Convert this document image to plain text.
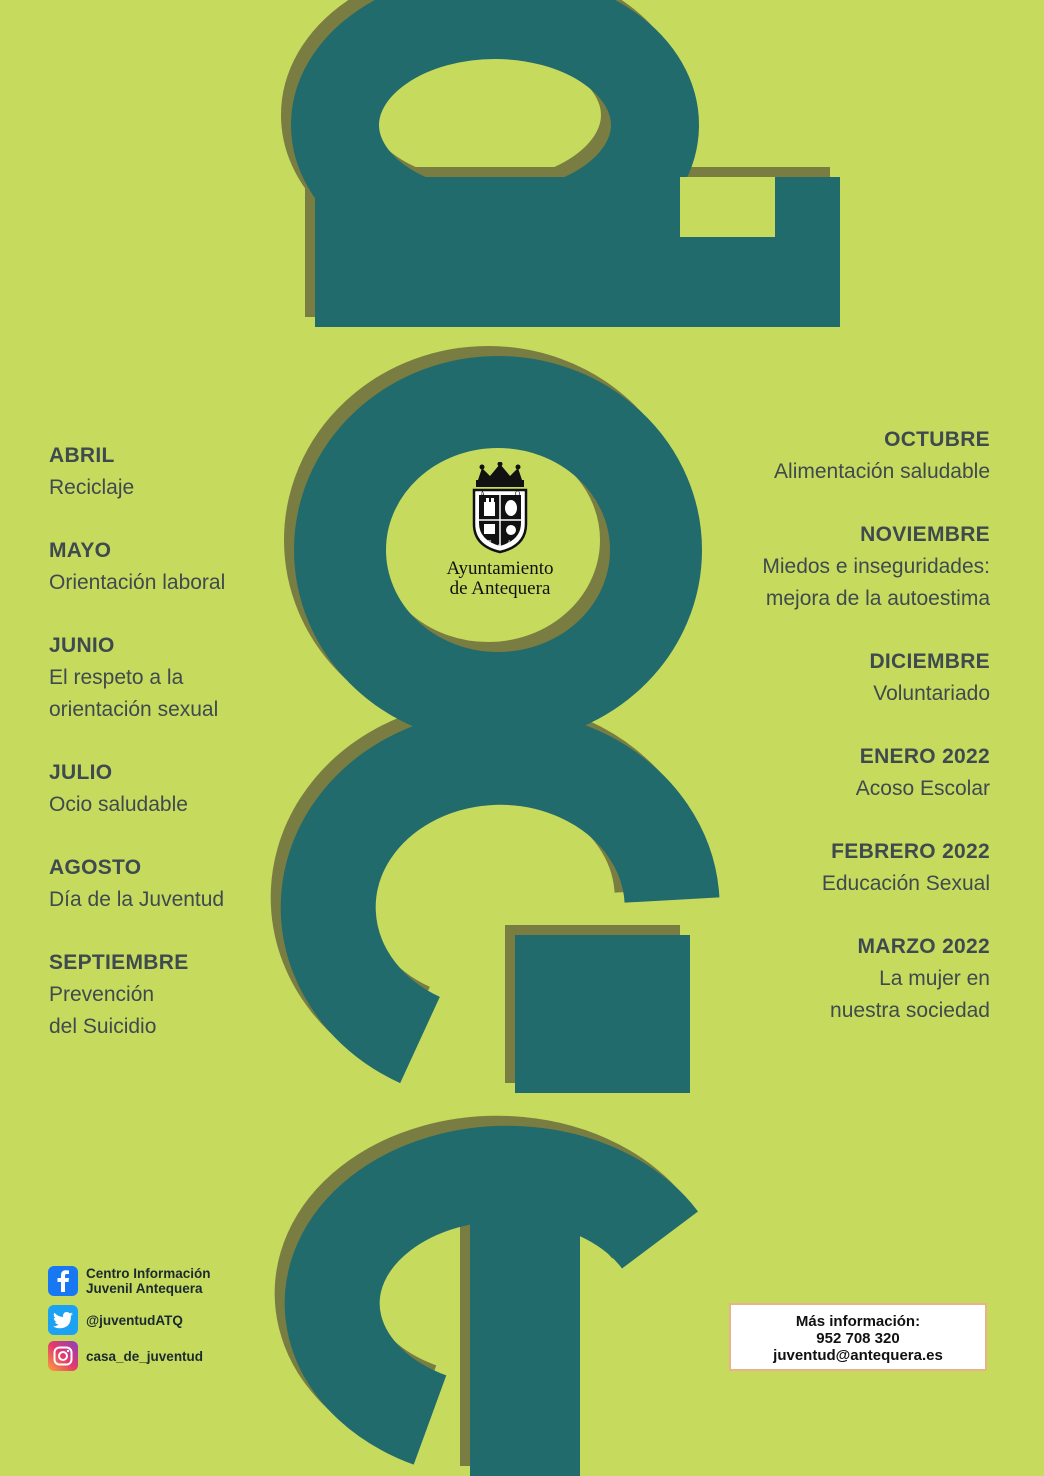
ABRIL
Reciclaje
MAYO
Orientación laboral
JUNIO
El respeto a la
orientación sexual
JULIO
Ocio saludable
AGOSTO
Día de la Juventud
SEPTIEMBRE
Prevención
del Suicidio
OCTUBRE
Alimentación saludable
NOVIEMBRE
Miedos e inseguridades:
mejora de la autoestima
DICIEMBRE
Voluntariado
ENERO 2022
Acoso Escolar
FEBRERO 2022
Educación Sexual
MARZO 2022
La mujer en
nuestra sociedad
A	Q
P
S
A
Ayuntamiento
de Antequera
Centro Información Juvenil Antequera
@juventudATQ
casa_de_juventud
Más información:
952 708 320
juventud@antequera.es
